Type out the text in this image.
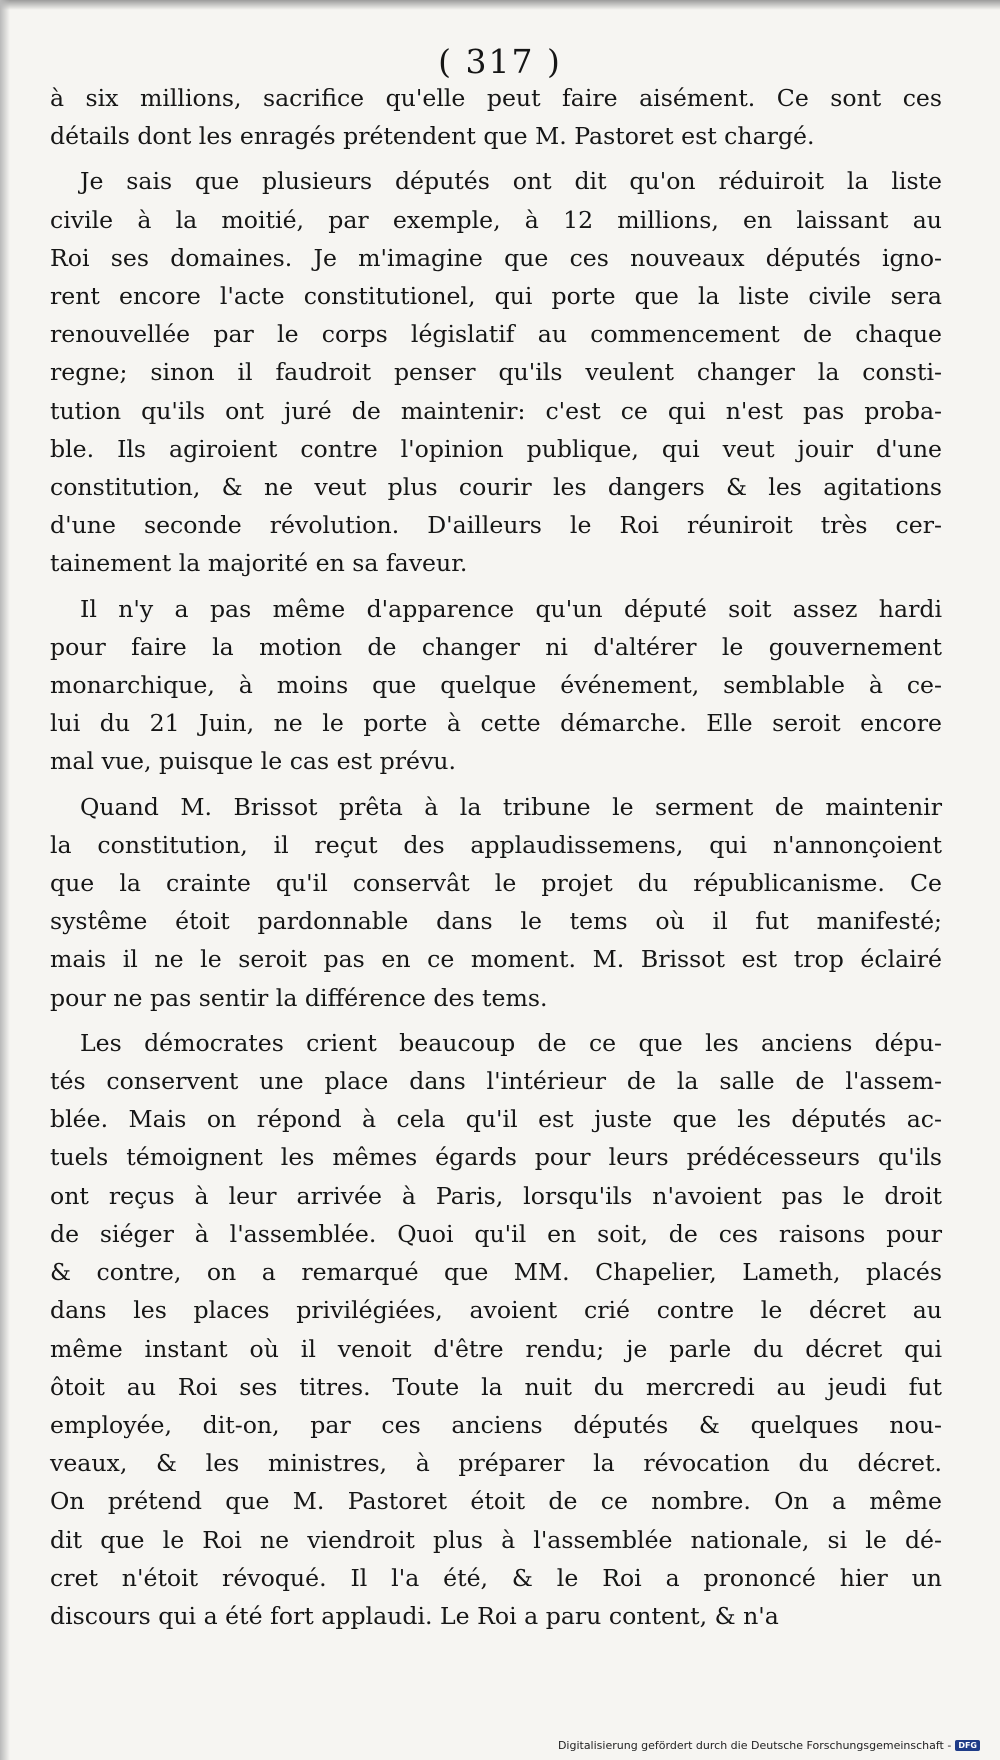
( 317 )
à six millions, sacrifice qu'elle peut faire aisément. Ce sont ces
détails dont les enragés prétendent que M. Pastoret est chargé.
Je sais que plusieurs députés ont dit qu'on réduiroit la liste
civile à la moitié, par exemple, à 12 millions, en laissant au
Roi ses domaines. Je m'imagine que ces nouveaux députés igno-
rent encore l'acte constitutionel, qui porte que la liste civile sera
renouvellée par le corps législatif au commencement de chaque
regne; sinon il faudroit penser qu'ils veulent changer la consti-
tution qu'ils ont juré de maintenir: c'est ce qui n'est pas proba-
ble. Ils agiroient contre l'opinion publique, qui veut jouir d'une
constitution, & ne veut plus courir les dangers & les agitations
d'une seconde révolution. D'ailleurs le Roi réuniroit très cer-
tainement la majorité en sa faveur.
Il n'y a pas même d'apparence qu'un député soit assez hardi
pour faire la motion de changer ni d'altérer le gouvernement
monarchique, à moins que quelque événement, semblable à ce-
lui du 21 Juin, ne le porte à cette démarche. Elle seroit encore
mal vue, puisque le cas est prévu.
Quand M. Brissot prêta à la tribune le serment de maintenir
la constitution, il reçut des applaudissemens, qui n'annonçoient
que la crainte qu'il conservât le projet du républicanisme. Ce
systême étoit pardonnable dans le tems où il fut manifesté;
mais il ne le seroit pas en ce moment. M. Brissot est trop éclairé
pour ne pas sentir la différence des tems.
Les démocrates crient beaucoup de ce que les anciens dépu-
tés conservent une place dans l'intérieur de la salle de l'assem-
blée. Mais on répond à cela qu'il est juste que les députés ac-
tuels témoignent les mêmes égards pour leurs prédécesseurs qu'ils
ont reçus à leur arrivée à Paris, lorsqu'ils n'avoient pas le droit
de siéger à l'assemblée. Quoi qu'il en soit, de ces raisons pour
& contre, on a remarqué que MM. Chapelier, Lameth, placés
dans les places privilégiées, avoient crié contre le décret au
même instant où il venoit d'être rendu; je parle du décret qui
ôtoit au Roi ses titres. Toute la nuit du mercredi au jeudi fut
employée, dit-on, par ces anciens députés & quelques nou-
veaux, & les ministres, à préparer la révocation du décret.
On prétend que M. Pastoret étoit de ce nombre. On a même
dit que le Roi ne viendroit plus à l'assemblée nationale, si le dé-
cret n'étoit révoqué. Il l'a été, & le Roi a prononcé hier un
discours qui a été fort applaudi. Le Roi a paru content, & n'a
Digitalisierung gefördert durch die Deutsche Forschungsgemeinschaft - DFG
